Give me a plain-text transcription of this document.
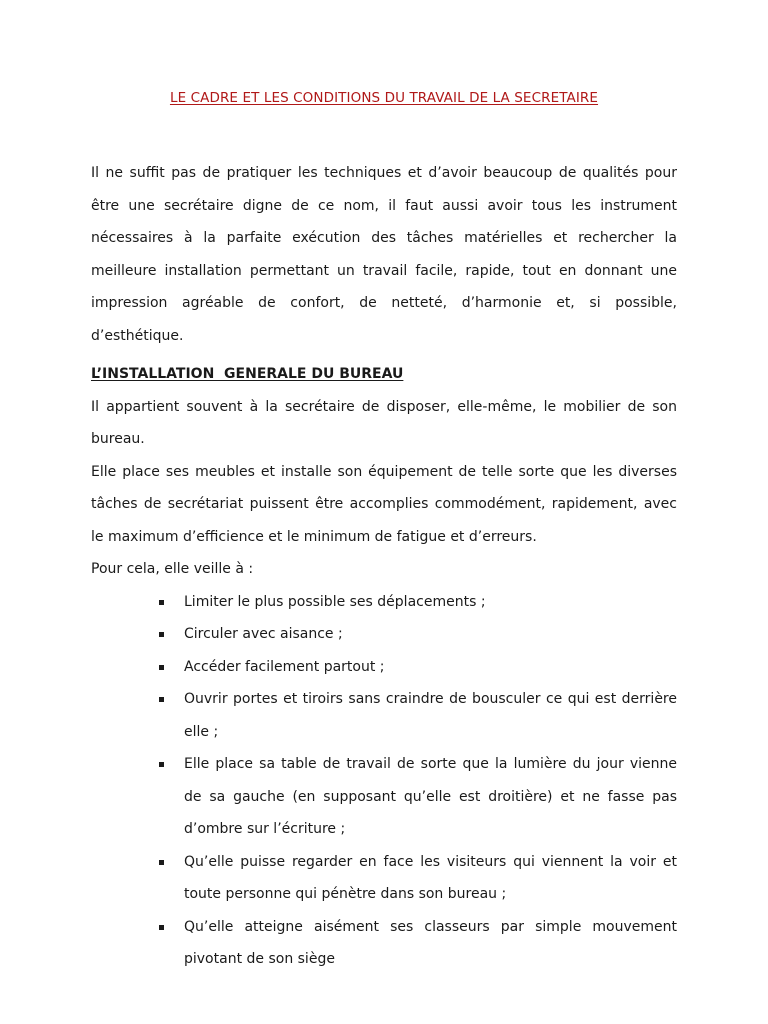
LE CADRE ET LES CONDITIONS DU TRAVAIL DE LA SECRETAIRE

Il ne suffit pas de pratiquer les techniques et d’avoir beaucoup de qualités pour être une secrétaire digne de ce nom, il faut aussi avoir tous les instrument nécessaires à la parfaite exécution des tâches matérielles et rechercher la meilleure installation permettant un travail facile, rapide, tout en donnant une impression agréable de confort, de netteté, d’harmonie et, si possible, d’esthétique.

L’INSTALLATION  GENERALE DU BUREAU

Il appartient souvent à la secrétaire de disposer, elle-même, le mobilier de son bureau.

Elle place ses meubles et installe son équipement de telle sorte que les diverses tâches de secrétariat puissent être accomplies commodément, rapidement, avec le maximum d’efficience et le minimum de fatigue et d’erreurs.

Pour cela, elle veille à :

Limiter le plus possible ses déplacements ;
Circuler avec aisance ;
Accéder facilement partout ;
Ouvrir portes et tiroirs sans craindre de bousculer ce qui est derrière elle ;
Elle place sa table de travail de sorte que la lumière du jour vienne de sa gauche (en supposant qu’elle est droitière) et ne fasse pas d’ombre sur l’écriture ;
Qu’elle puisse regarder en face les visiteurs qui viennent la voir et toute personne qui pénètre dans son bureau ;
Qu’elle atteigne aisément ses classeurs par simple mouvement pivotant de son siège
